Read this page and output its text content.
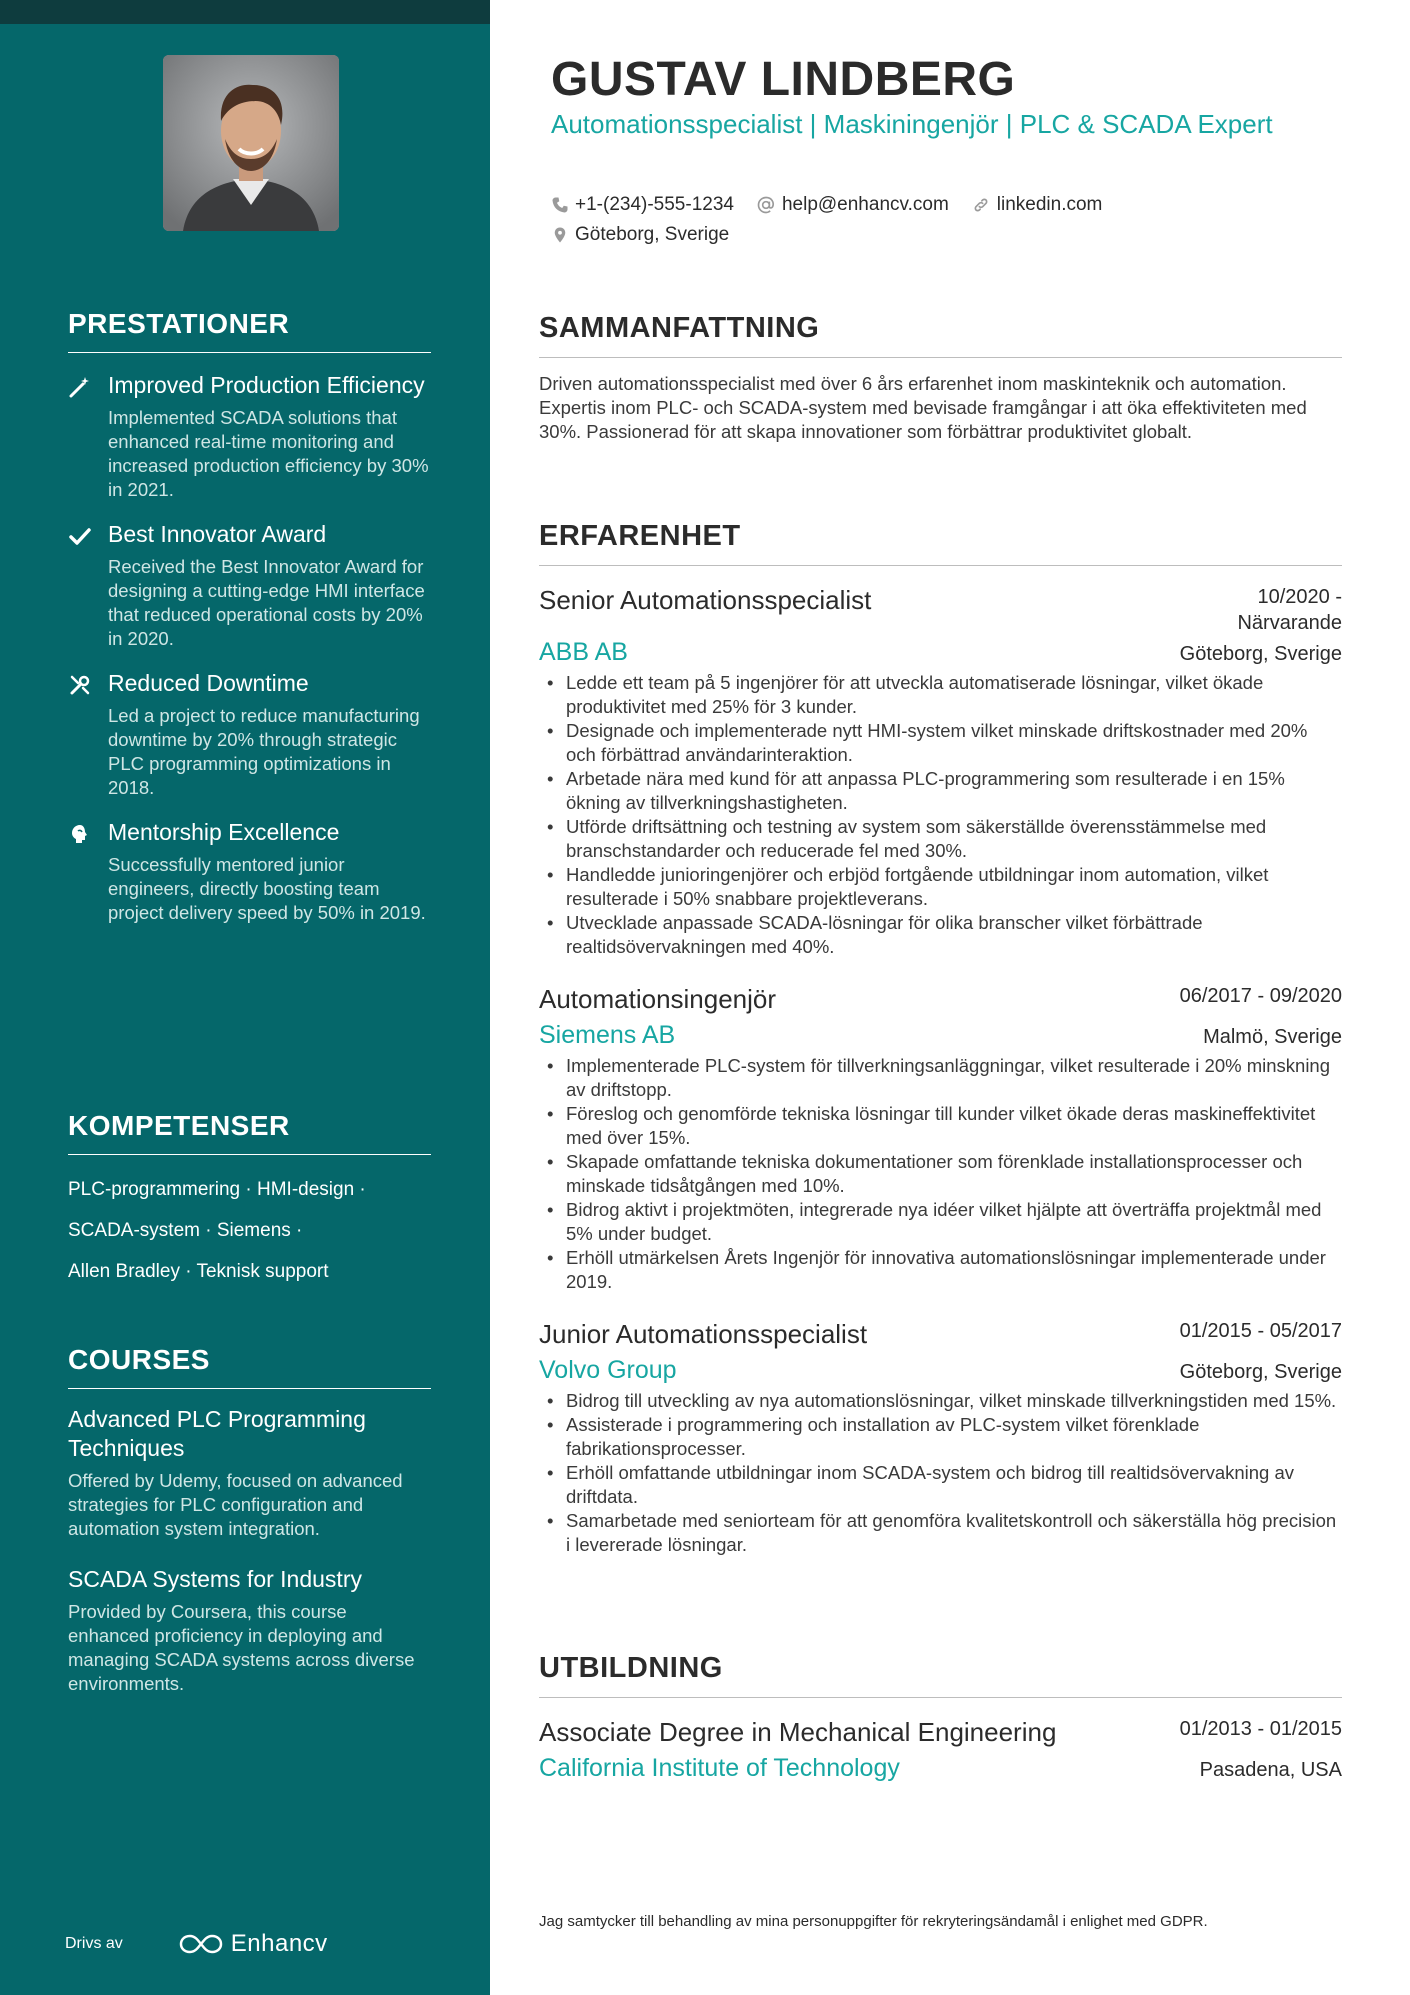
PRESTATIONER
Improved Production Efficiency
Implemented SCADA solutions that enhanced real-time monitoring and increased production efficiency by 30% in 2021.
Best Innovator Award
Received the Best Innovator Award for designing a cutting-edge HMI interface that reduced operational costs by 20% in 2020.
Reduced Downtime
Led a project to reduce manufacturing downtime by 20% through strategic PLC programming optimizations in 2018.
Mentorship Excellence
Successfully mentored junior engineers, directly boosting team project delivery speed by 50% in 2019.
KOMPETENSER
PLC-programmering · HMI-design ·
SCADA-system · Siemens ·
Allen Bradley · Teknisk support
COURSES
Advanced PLC Programming Techniques
Offered by Udemy, focused on advanced strategies for PLC configuration and automation system integration.
SCADA Systems for Industry
Provided by Coursera, this course enhanced proficiency in deploying and managing SCADA systems across diverse environments.
Drivs av	Enhancv
GUSTAV LINDBERG
Automationsspecialist | Maskiningenjör | PLC & SCADA Expert
+1-(234)-555-1234	help@enhancv.com	linkedin.com
Göteborg, Sverige
SAMMANFATTNING

Driven automationsspecialist med över 6 års erfarenhet inom maskinteknik och automation. Expertis inom PLC- och SCADA-system med bevisade framgångar i att öka effektiviteten med 30%. Passionerad för att skapa innovationer som förbättrar produktivitet globalt.

ERFARENHET
Senior Automationsspecialist	10/2020 - Närvarande
ABB AB	Göteborg, Sverige
• Ledde ett team på 5 ingenjörer för att utveckla automatiserade lösningar, vilket ökade produktivitet med 25% för 3 kunder.
• Designade och implementerade nytt HMI-system vilket minskade driftskostnader med 20% och förbättrad användarinteraktion.
• Arbetade nära med kund för att anpassa PLC-programmering som resulterade i en 15% ökning av tillverkningshastigheten.
• Utförde driftsättning och testning av system som säkerställde överensstämmelse med branschstandarder och reducerade fel med 30%.
• Handledde junioringenjörer och erbjöd fortgående utbildningar inom automation, vilket resulterade i 50% snabbare projektleverans.
• Utvecklade anpassade SCADA-lösningar för olika branscher vilket förbättrade realtidsövervakningen med 40%.
Automationsingenjör	06/2017 - 09/2020
Siemens AB	Malmö, Sverige
• Implementerade PLC-system för tillverkningsanläggningar, vilket resulterade i 20% minskning av driftstopp.
• Föreslog och genomförde tekniska lösningar till kunder vilket ökade deras maskineffektivitet med över 15%.
• Skapade omfattande tekniska dokumentationer som förenklade installationsprocesser och minskade tidsåtgången med 10%.
• Bidrog aktivt i projektmöten, integrerade nya idéer vilket hjälpte att överträffa projektmål med 5% under budget.
• Erhöll utmärkelsen Årets Ingenjör för innovativa automationslösningar implementerade under 2019.
Junior Automationsspecialist	01/2015 - 05/2017
Volvo Group	Göteborg, Sverige
• Bidrog till utveckling av nya automationslösningar, vilket minskade tillverkningstiden med 15%.
• Assisterade i programmering och installation av PLC-system vilket förenklade fabrikationsprocesser.
• Erhöll omfattande utbildningar inom SCADA-system och bidrog till realtidsövervakning av driftdata.
• Samarbetade med seniorteam för att genomföra kvalitetskontroll och säkerställa hög precision i levererade lösningar.
UTBILDNING
Associate Degree in Mechanical Engineering	01/2013 - 01/2015
California Institute of Technology	Pasadena, USA

Jag samtycker till behandling av mina personuppgifter för rekryteringsändamål i enlighet med GDPR.
